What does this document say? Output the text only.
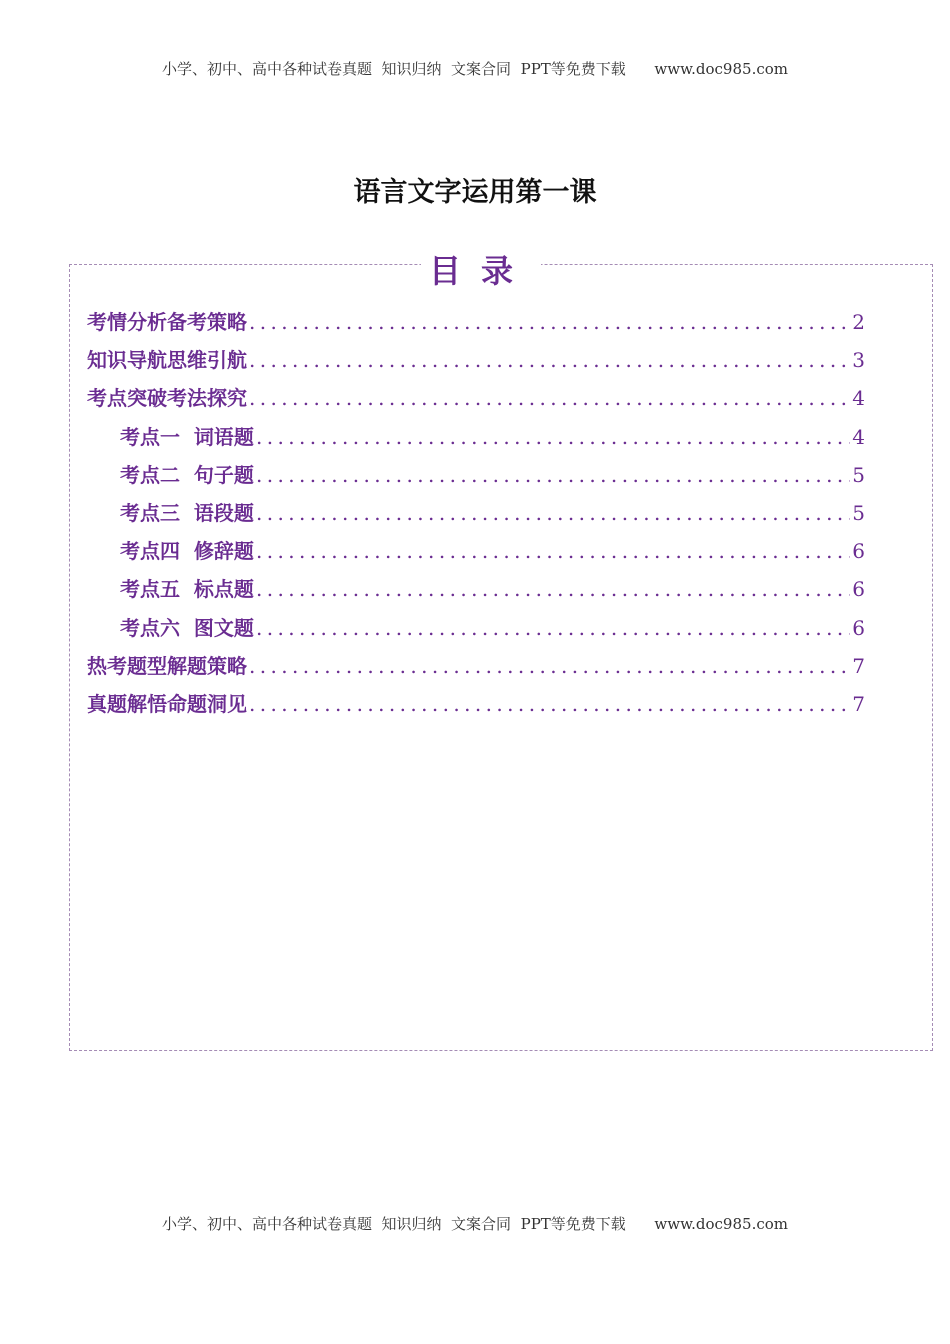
小学、初中、高中各种试卷真题  知识归纳  文案合同  PPT等免费下载      www.doc985.com
语言文字运用第一课
目录
考情分析备考策略 .....	2
知识导航思维引航 .....	3
考点突破考法探究 .....	4
考点一  词语题 .....	4
考点二  句子题 .....	5
考点三  语段题 .....	5
考点四  修辞题 .....	6
考点五  标点题 .....	6
考点六  图文题 .....	6
热考题型解题策略 .....	7
真题解悟命题洞见 .....	7
小学、初中、高中各种试卷真题  知识归纳  文案合同  PPT等免费下载      www.doc985.com
